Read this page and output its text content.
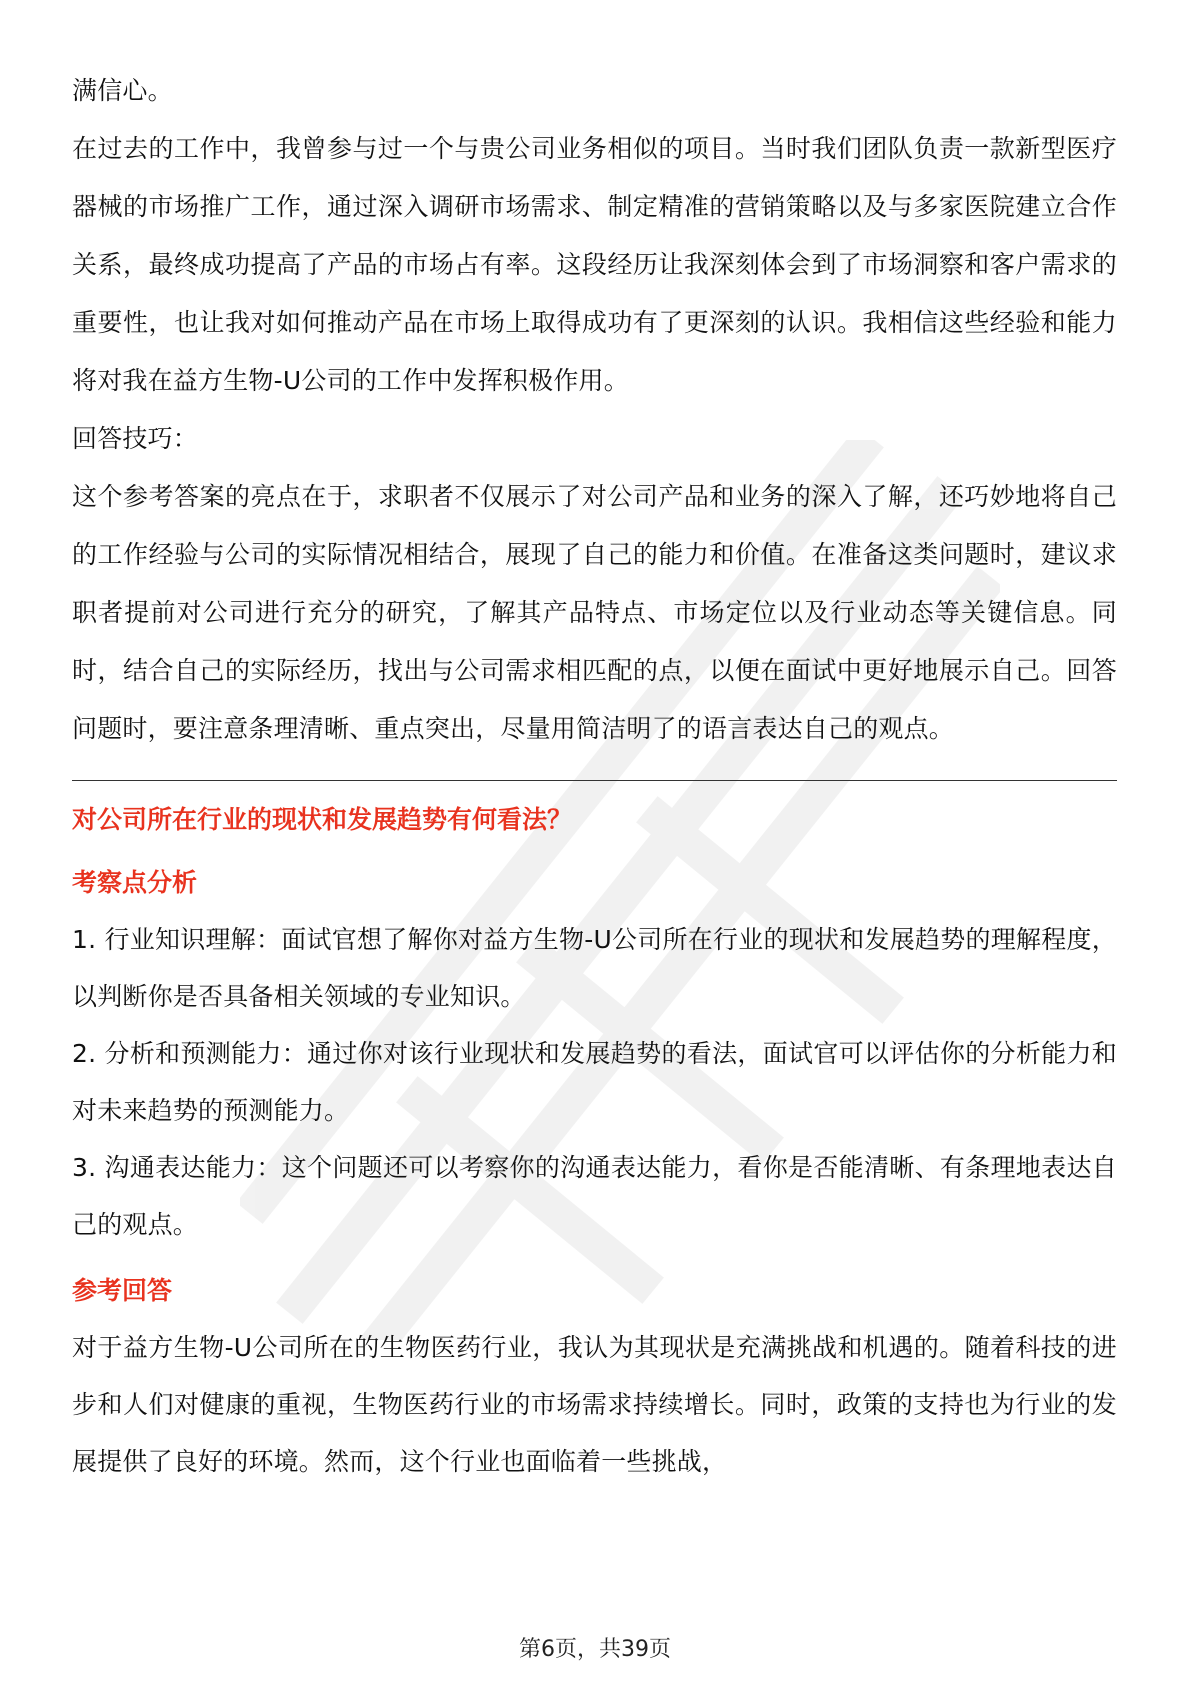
满信心。

在过去的工作中，我曾参与过一个与贵公司业务相似的项目。当时我们团队负责一款新型医疗器械的市场推广工作，通过深入调研市场需求、制定精准的营销策略以及与多家医院建立合作关系，最终成功提高了产品的市场占有率。这段经历让我深刻体会到了市场洞察和客户需求的重要性，也让我对如何推动产品在市场上取得成功有了更深刻的认识。我相信这些经验和能力将对我在益方生物-U公司的工作中发挥积极作用。

回答技巧：

这个参考答案的亮点在于，求职者不仅展示了对公司产品和业务的深入了解，还巧妙地将自己的工作经验与公司的实际情况相结合，展现了自己的能力和价值。在准备这类问题时，建议求职者提前对公司进行充分的研究，了解其产品特点、市场定位以及行业动态等关键信息。同时，结合自己的实际经历，找出与公司需求相匹配的点，以便在面试中更好地展示自己。回答问题时，要注意条理清晰、重点突出，尽量用简洁明了的语言表达自己的观点。

对公司所在行业的现状和发展趋势有何看法？

考察点分析

1. 行业知识理解：面试官想了解你对益方生物-U公司所在行业的现状和发展趋势的理解程度，以判断你是否具备相关领域的专业知识。

2. 分析和预测能力：通过你对该行业现状和发展趋势的看法，面试官可以评估你的分析能力和对未来趋势的预测能力。

3. 沟通表达能力：这个问题还可以考察你的沟通表达能力，看你是否能清晰、有条理地表达自己的观点。

参考回答

对于益方生物-U公司所在的生物医药行业，我认为其现状是充满挑战和机遇的。随着科技的进步和人们对健康的重视，生物医药行业的市场需求持续增长。同时，政策的支持也为行业的发展提供了良好的环境。然而，这个行业也面临着一些挑战，

第6页，共39页
